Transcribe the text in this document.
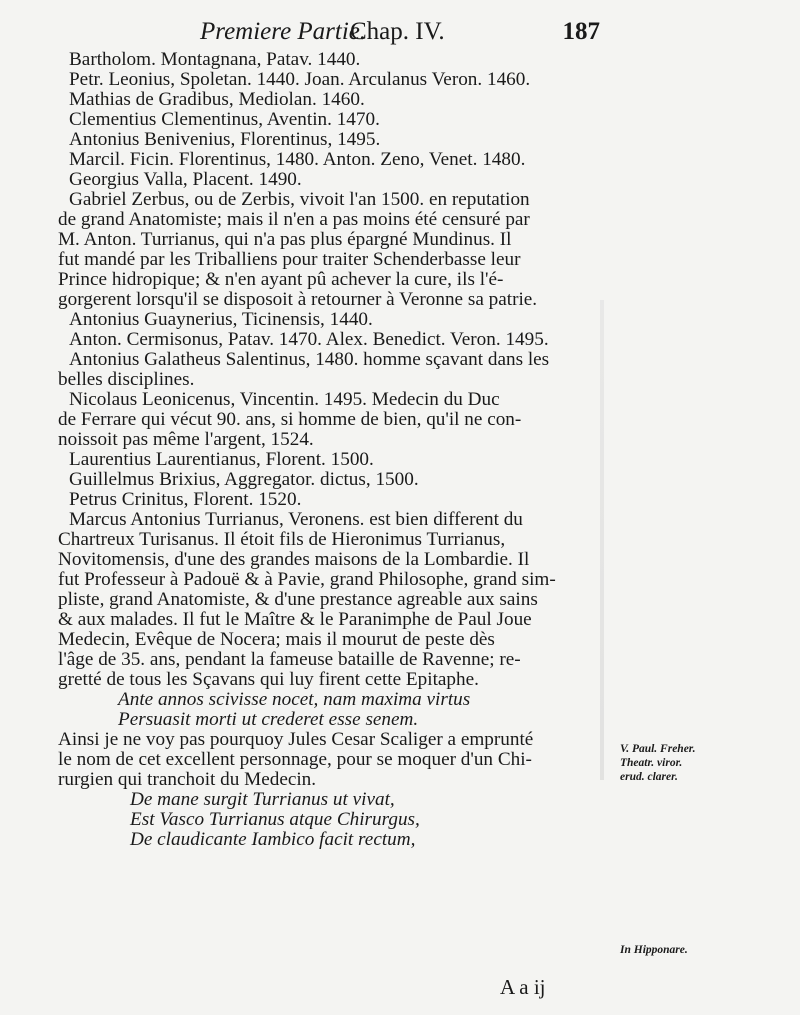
Premiere Partie.
Chap. IV.	187
Bartholom. Montagnana, Patav. 1440.
Petr. Leonius, Spoletan. 1440. Joan. Arculanus Veron. 1460.
Mathias de Gradibus, Mediolan. 1460.
Clementius Clementinus, Aventin. 1470.
Antonius Benivenius, Florentinus, 1495.
Marcil. Ficin. Florentinus, 1480. Anton. Zeno, Venet. 1480.
Georgius Valla, Placent. 1490.
Gabriel Zerbus, ou de Zerbis, vivoit l'an 1500. en reputation
de grand Anatomiste; mais il n'en a pas moins été censuré par
M. Anton. Turrianus, qui n'a pas plus épargné Mundinus. Il
fut mandé par les Triballiens pour traiter Schenderbasse leur
Prince hidropique; & n'en ayant pû achever la cure, ils l'é-
gorgerent lorsqu'il se disposoit à retourner à Veronne sa patrie.
Antonius Guaynerius, Ticinensis, 1440.
Anton. Cermisonus, Patav. 1470. Alex. Benedict. Veron. 1495.
Antonius Galatheus Salentinus, 1480. homme sçavant dans les
belles disciplines.
Nicolaus Leonicenus, Vincentin. 1495. Medecin du Duc
de Ferrare qui vécut 90. ans, si homme de bien, qu'il ne con-
noissoit pas même l'argent, 1524.
Laurentius Laurentianus, Florent. 1500.
Guillelmus Brixius, Aggregator. dictus, 1500.
Petrus Crinitus, Florent. 1520.
Marcus Antonius Turrianus, Veronens. est bien different du
Chartreux Turisanus. Il étoit fils de Hieronimus Turrianus,
Novitomensis, d'une des grandes maisons de la Lombardie. Il
fut Professeur à Padouë & à Pavie, grand Philosophe, grand sim-
pliste, grand Anatomiste, & d'une prestance agreable aux sains
& aux malades. Il fut le Maître & le Paranimphe de Paul Joue
Medecin, Evêque de Nocera; mais il mourut de peste dès
l'âge de 35. ans, pendant la fameuse bataille de Ravenne; re-
gretté de tous les Sçavans qui luy firent cette Epitaphe.
Ante annos scivisse nocet, nam maxima virtus
Persuasit morti ut crederet esse senem.
Ainsi je ne voy pas pourquoy Jules Cesar Scaliger a emprunté
le nom de cet excellent personnage, pour se moquer d'un Chi-
rurgien qui tranchoit du Medecin.
De mane surgit Turrianus ut vivat,
Est Vasco Turrianus atque Chirurgus,
De claudicante Iambico facit rectum,
V. Paul. Freher.
Theatr. viror.
erud. clarer.
In Hipponare.
A a ij
